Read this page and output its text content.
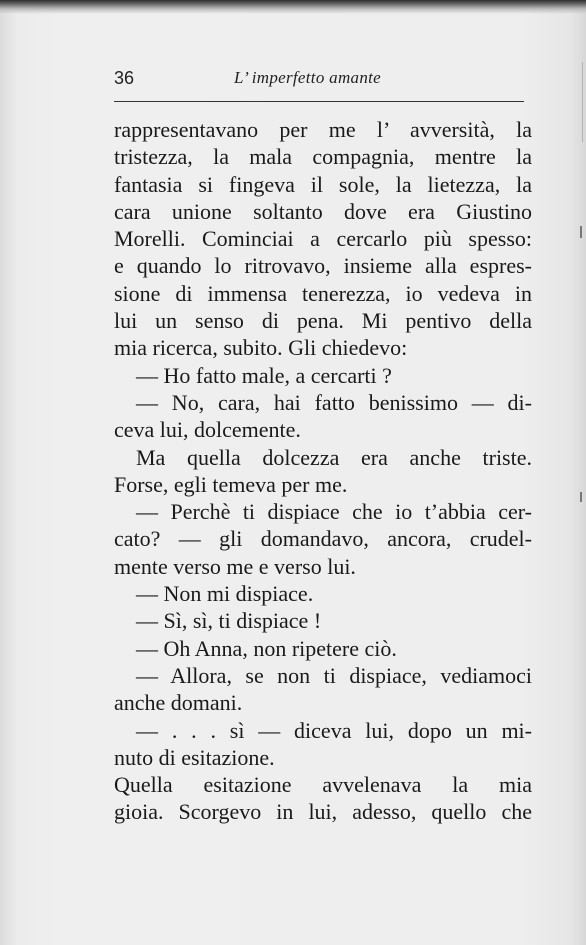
36	L’ imperfetto amante
rappresentavano per me l’ avversità, la
tristezza, la mala compagnia, mentre la
fantasia si fingeva il sole, la lietezza, la
cara unione soltanto dove era Giustino
Morelli. Cominciai a cercarlo più spesso:
e quando lo ritrovavo, insieme alla espres-
sione di immensa tenerezza, io vedeva in
lui un senso di pena. Mi pentivo della
mia ricerca, subito. Gli chiedevo:
— Ho fatto male, a cercarti ?
— No, cara, hai fatto benissimo — di-
ceva lui, dolcemente.
Ma quella dolcezza era anche triste.
Forse, egli temeva per me.
— Perchè ti dispiace che io t’abbia cer-
cato? — gli domandavo, ancora, crudel-
mente verso me e verso lui.
— Non mi dispiace.
— Sì, sì, ti dispiace !
— Oh Anna, non ripetere ciò.
— Allora, se non ti dispiace, vediamoci
anche domani.
— . . . sì — diceva lui, dopo un mi-
nuto di esitazione.
Quella esitazione avvelenava la mia
gioia. Scorgevo in lui, adesso, quello che
